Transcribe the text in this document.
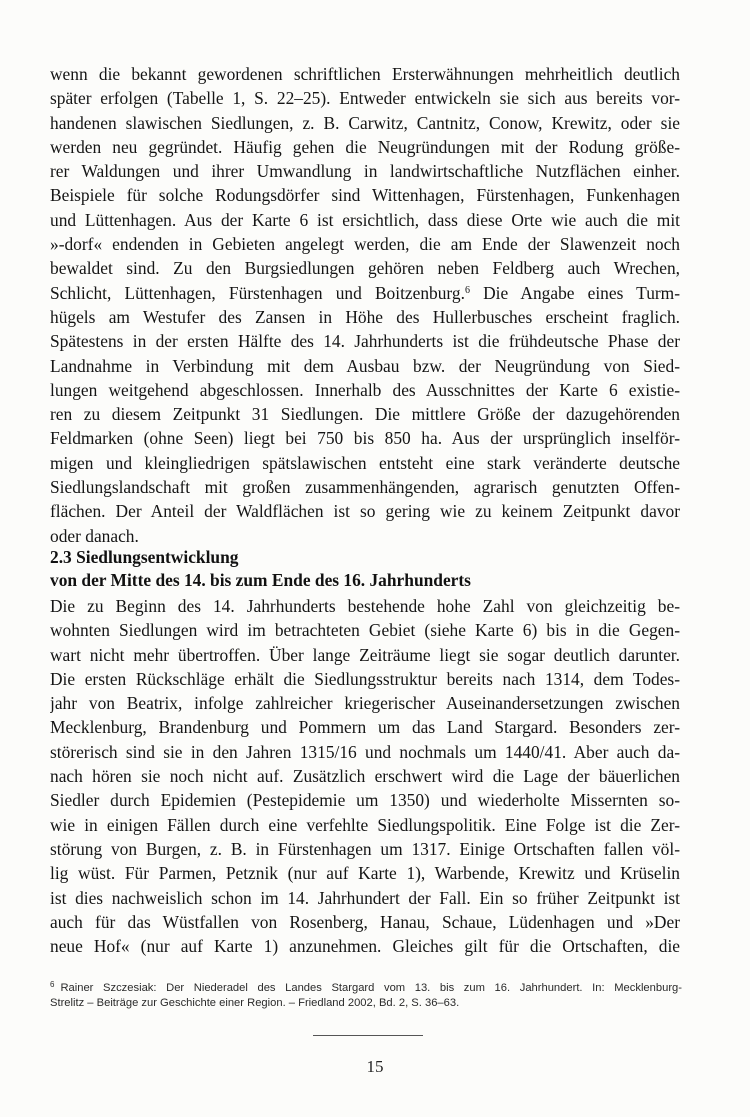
wenn die bekannt gewordenen schriftlichen Ersterwähnungen mehrheitlich deutlich
später erfolgen (Tabelle 1, S. 22–25). Entweder entwickeln sie sich aus bereits vor-
handenen slawischen Siedlungen, z. B. Carwitz, Cantnitz, Conow, Krewitz, oder sie
werden neu gegründet. Häufig gehen die Neugründungen mit der Rodung größe-
rer Waldungen und ihrer Umwandlung in landwirtschaftliche Nutzflächen einher.
Beispiele für solche Rodungsdörfer sind Wittenhagen, Fürstenhagen, Funkenhagen
und Lüttenhagen. Aus der Karte 6 ist ersichtlich, dass diese Orte wie auch die mit
»-dorf« endenden in Gebieten angelegt werden, die am Ende der Slawenzeit noch
bewaldet sind. Zu den Burgsiedlungen gehören neben Feldberg auch Wrechen,
Schlicht, Lüttenhagen, Fürstenhagen und Boitzenburg.$^6$ Die Angabe eines Turm-
hügels am Westufer des Zansen in Höhe des Hullerbusches erscheint fraglich.
Spätestens in der ersten Hälfte des 14. Jahrhunderts ist die frühdeutsche Phase der
Landnahme in Verbindung mit dem Ausbau bzw. der Neugründung von Sied-
lungen weitgehend abgeschlossen. Innerhalb des Ausschnittes der Karte 6 existie-
ren zu diesem Zeitpunkt 31 Siedlungen. Die mittlere Größe der dazugehörenden
Feldmarken (ohne Seen) liegt bei 750 bis 850 ha. Aus der ursprünglich inselför-
migen und kleingliedrigen spätslawischen entsteht eine stark veränderte deutsche
Siedlungslandschaft mit großen zusammenhängenden, agrarisch genutzten Offen-
flächen. Der Anteil der Waldflächen ist so gering wie zu keinem Zeitpunkt davor
oder danach.
2.3 Siedlungsentwicklung
von der Mitte des 14. bis zum Ende des 16. Jahrhunderts
Die zu Beginn des 14. Jahrhunderts bestehende hohe Zahl von gleichzeitig be-
wohnten Siedlungen wird im betrachteten Gebiet (siehe Karte 6) bis in die Gegen-
wart nicht mehr übertroffen. Über lange Zeiträume liegt sie sogar deutlich darunter.
Die ersten Rückschläge erhält die Siedlungsstruktur bereits nach 1314, dem Todes-
jahr von Beatrix, infolge zahlreicher kriegerischer Auseinandersetzungen zwischen
Mecklenburg, Brandenburg und Pommern um das Land Stargard. Besonders zer-
störerisch sind sie in den Jahren 1315/16 und nochmals um 1440/41. Aber auch da-
nach hören sie noch nicht auf. Zusätzlich erschwert wird die Lage der bäuerlichen
Siedler durch Epidemien (Pestepidemie um 1350) und wiederholte Missernten so-
wie in einigen Fällen durch eine verfehlte Siedlungspolitik. Eine Folge ist die Zer-
störung von Burgen, z. B. in Fürstenhagen um 1317. Einige Ortschaften fallen völ-
lig wüst. Für Parmen, Petznik (nur auf Karte 1), Warbende, Krewitz und Krüselin
ist dies nachweislich schon im 14. Jahrhundert der Fall. Ein so früher Zeitpunkt ist
auch für das Wüstfallen von Rosenberg, Hanau, Schaue, Lüdenhagen und »Der
neue Hof« (nur auf Karte 1) anzunehmen. Gleiches gilt für die Ortschaften, die
$^6$ Rainer Szczesiak: Der Niederadel des Landes Stargard vom 13. bis zum 16. Jahrhundert. In: Mecklenburg-
Strelitz – Beiträge zur Geschichte einer Region. – Friedland 2002, Bd. 2, S. 36–63.
15
